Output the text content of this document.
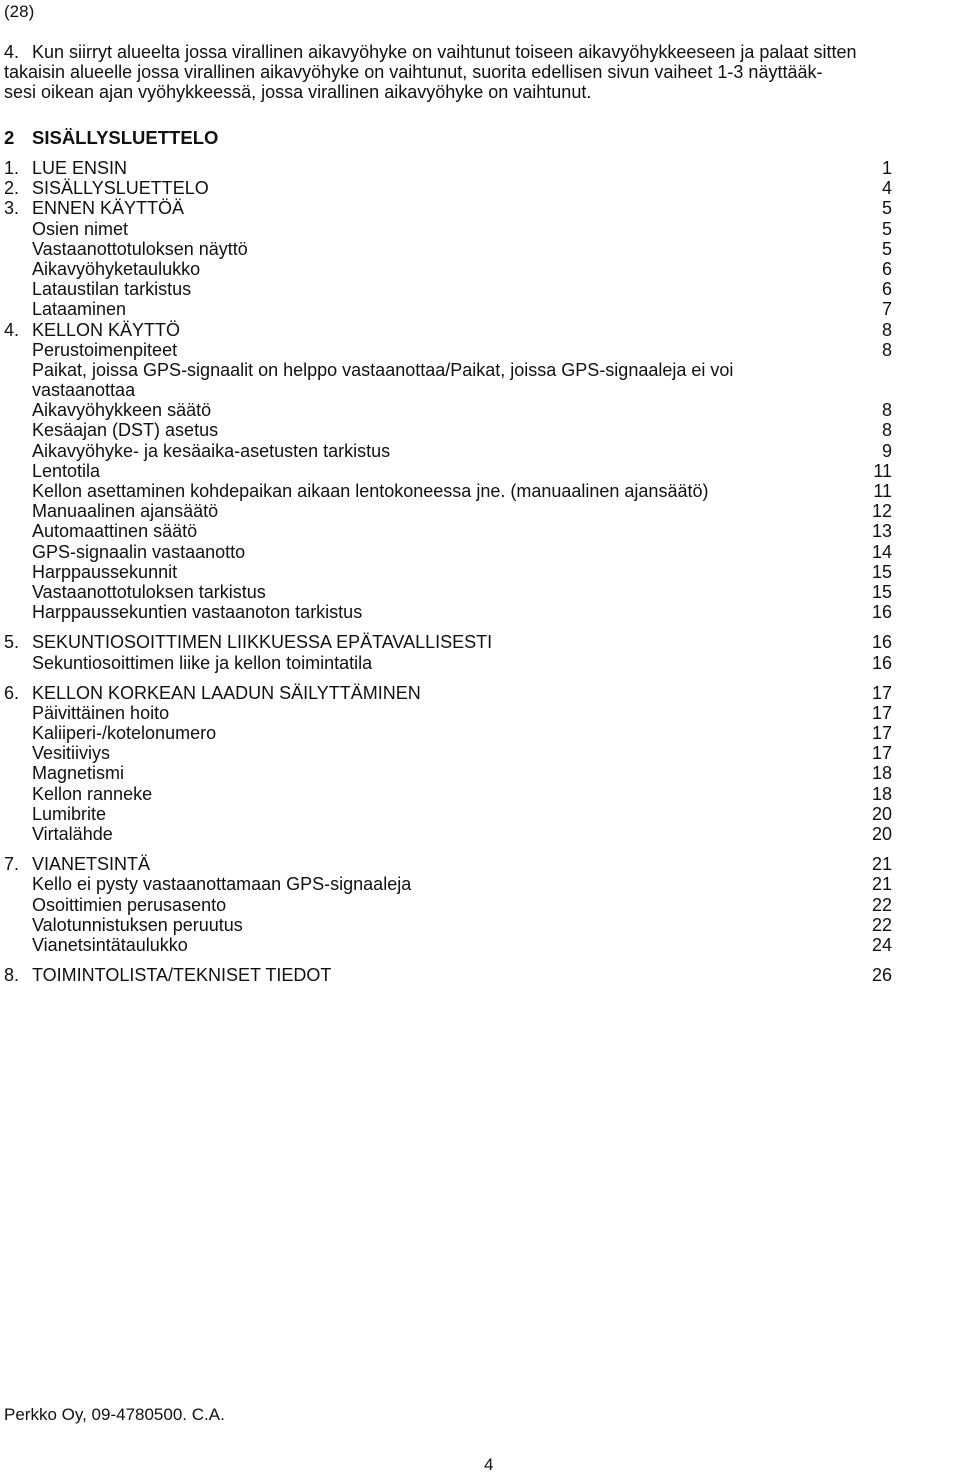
(28)
4. Kun siirryt alueelta jossa virallinen aikavyöhyke on vaihtunut toiseen aikavyöhykkeeseen ja palaat sitten
takaisin alueelle jossa virallinen aikavyöhyke on vaihtunut, suorita edellisen sivun vaiheet 1-3 näyttääk-
sesi oikean ajan vyöhykkeessä, jossa virallinen aikavyöhyke on vaihtunut.
2 SISÄLLYSLUETTELO
1. LUE ENSIN	1
2. SISÄLLYSLUETTELO	4
3. ENNEN KÄYTTÖÄ	5
Osien nimet	5
Vastaanottotuloksen näyttö	5
Aikavyöhyketaulukko	6
Lataustilan tarkistus	6
Lataaminen	7
4. KELLON KÄYTTÖ	8
Perustoimenpiteet	8
Paikat, joissa GPS-signaalit on helppo vastaanottaa/Paikat, joissa GPS-signaaleja ei voi vastaanottaa
Aikavyöhykkeen säätö	8
Kesäajan (DST) asetus	8
Aikavyöhyke- ja kesäaika-asetusten tarkistus	9
Lentotila	11
Kellon asettaminen kohdepaikan aikaan lentokoneessa jne. (manuaalinen ajansäätö)	11
Manuaalinen ajansäätö	12
Automaattinen säätö	13
GPS-signaalin vastaanotto	14
Harppaussekunnit	15
Vastaanottotuloksen tarkistus	15
Harppaussekuntien vastaanoton tarkistus	16
5. SEKUNTIOSOITTIMEN LIIKKUESSA EPÄTAVALLISESTI	16
Sekuntiosoittimen liike ja kellon toimintatila	16
6. KELLON KORKEAN LAADUN SÄILYTTÄMINEN	17
Päivittäinen hoito	17
Kaliiperi-/kotelonumero	17
Vesitiiviys	17
Magnetismi	18
Kellon ranneke	18
Lumibrite	20
Virtalähde	20
7. VIANETSINTÄ	21
Kello ei pysty vastaanottamaan GPS-signaaleja	21
Osoittimien perusasento	22
Valotunnistuksen peruutus	22
Vianetsintätaulukko	24
8. TOIMINTOLISTA/TEKNISET TIEDOT	26
Perkko Oy, 09-4780500. C.A.
4
